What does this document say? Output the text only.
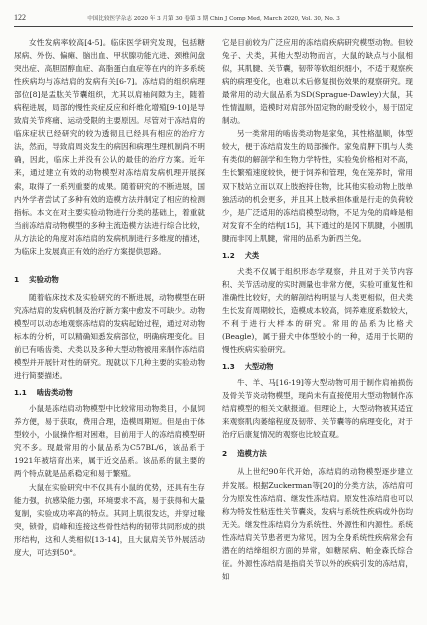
122	中国比较医学杂志 2020 年 3 月第 30 卷第 3 期 Chin J Comp Med, March 2020, Vol. 30, No. 3

女性发病率较高[4-5]。临床医学研究发现，包括糖尿病、外伤、偏瘫、脑出血、甲状腺功能亢进、颈椎间盘突出症、高胆固醇血症、高脂蛋白血症等在内的许多系统性疾病均与冻结肩的发病有关[6-7]。冻结肩的组织病理部位[8]是盂肱关节囊组织，尤其以肩袖间隙为主，随着病程进展，局部的慢性炎症反应和纤维化增殖[9-10]是导致肩关节疼痛、运动受限的主要原因。尽管对于冻结肩的临床症状已经研究的较为透彻且已经具有相应的治疗方法，然而，导致肩周炎发生的病因和病理生理机制尚不明确，因此，临床上并没有公认的最佳的治疗方案。近年来，通过建立有效的动物模型对冻结肩发病机理开展探索，取得了一系列重要的成果。随着研究的不断进展，国内外学者尝试了多种有效的造模方法并制定了相应的检测指标。本文在对主要实验动物进行分类的基础上，着重就当前冻结肩动物模型的多种主流造模方法进行综合比较，从方法论的角度对冻结肩的发病机制进行多维度的描述，为临床上发展真正有效的治疗方案提供思路。

1 实验动物

随着临床技术及实验研究的不断进展，动物模型在研究冻结肩的发病机制及治疗新方案中愈发不可缺少。动物模型可以动态地观察冻结肩的发病起始过程，通过对动物标本的分析，可以精确知悉发病部位，明确病理变化。目前已有啮齿类、犬类以及多种大型动物被用来制作冻结肩模型并开展针对性的研究。现就以下几种主要的实验动物进行简要描述。

1.1 啮齿类动物

小鼠是冻结肩动物模型中比较常用动物类目，小鼠饲养方便，易于获取，费用合理，造模周期短。但是由于体型较小，小鼠操作相对困难，目前用于人的冻结肩模型研究不多。现最常用的小鼠品系为C57BL/6，该品系于1921年被培育出来，属于近交品系。该品系的鼠主要的两个特点就是品系稳定和易于繁殖。

大鼠在实验研究中不仅具有小鼠的优势，还具有生存能力强，抗感染能力强，环境要求不高，易于获得和大量复制，实验成功率高的特点。其同上肌很发达，并穿过喙突，锁骨，肩峰和连接这些骨性结构的韧带共同形成的拱形结构，这和人类相似[13-14]，且大鼠肩关节外展活动度大，可达到50°。

它是目前较为广泛应用的冻结肩疾病研究模型动物。但较兔子、犬类，其他大型动物而言，大鼠的缺点与小鼠相似，其肌腱、关节囊，韧带等软组织细小，不适于观察疾病的病理变化，也难以术后修复损伤效果的观察研究。现最常用的动大鼠品系为SD(Sprague-Dawley)大鼠，其性情温顺，造模时对肩部外固定物的耐受较小，易于固定制动。

另一类常用的啮齿类动物是家兔，其性格温顺，体型较大，便于冻结肩发生的局部操作。家兔肩胛下肌与人类有类似的解剖学和生物力学特性，实验兔价格相对不高，生长繁殖速度较快，便于饲养和管理，兔在笼养时，常用双下肢站立而以双上肢抱持住物，比其他实验动物上肢单独活动的机会更多，并且其上肢承担体重是行走的负荷较少，是广泛适用的冻结肩模型动物，不足为兔的肩峰是相对发育不全的结构[15]，其下通过的是冈下肌腱，小圆肌腱而非冈上肌腱，常用的品系为新西兰兔。

1.2 犬类

犬类不仅属于组织形态学观察，并且对于关节内容积、关节活动度的实时测量也非常方便，实验可重复性和准确性比较好，犬的解剖结构明显与人类更相似，但犬类生长发育周期较长，造模成本较高，饲养难度系数较大，不利于进行大样本的研究。常用的品系为比格犬(Beagle)，属于猎犬中体型较小的一种，适用于长期的慢性疾病实验研究。

1.3 大型动物

牛、羊、马[16-19]等大型动物可用于制作肩袖损伤及骨关节炎动物模型，现尚未有直接使用大型动物制作冻结肩模型的相关文献报道。但理论上，大型动物被其适宜来观察肌肉萎缩程度及韧带、关节囊等的病理变化，对于治疗后康复情况的观察也比较直观。

2 造模方法

从上世纪90年代开始，冻结肩的动物模型逐步建立并发展。根据Zuckerman等[20]的分类方法，冻结肩可分为原发性冻结肩、继发性冻结肩。原发性冻结肩也可以称为特发性粘连性关节囊炎，发病与系统性疾病或外伤均无关。继发性冻结肩分为系统性、外源性和内源性。系统性冻结肩关节患者更为常见，因为全身系统性疾病常会有潜在的结缔组织方面的异常，如糖尿病、帕金森氏综合征。外源性冻结肩是指肩关节以外的疾病引发的冻结肩，如
